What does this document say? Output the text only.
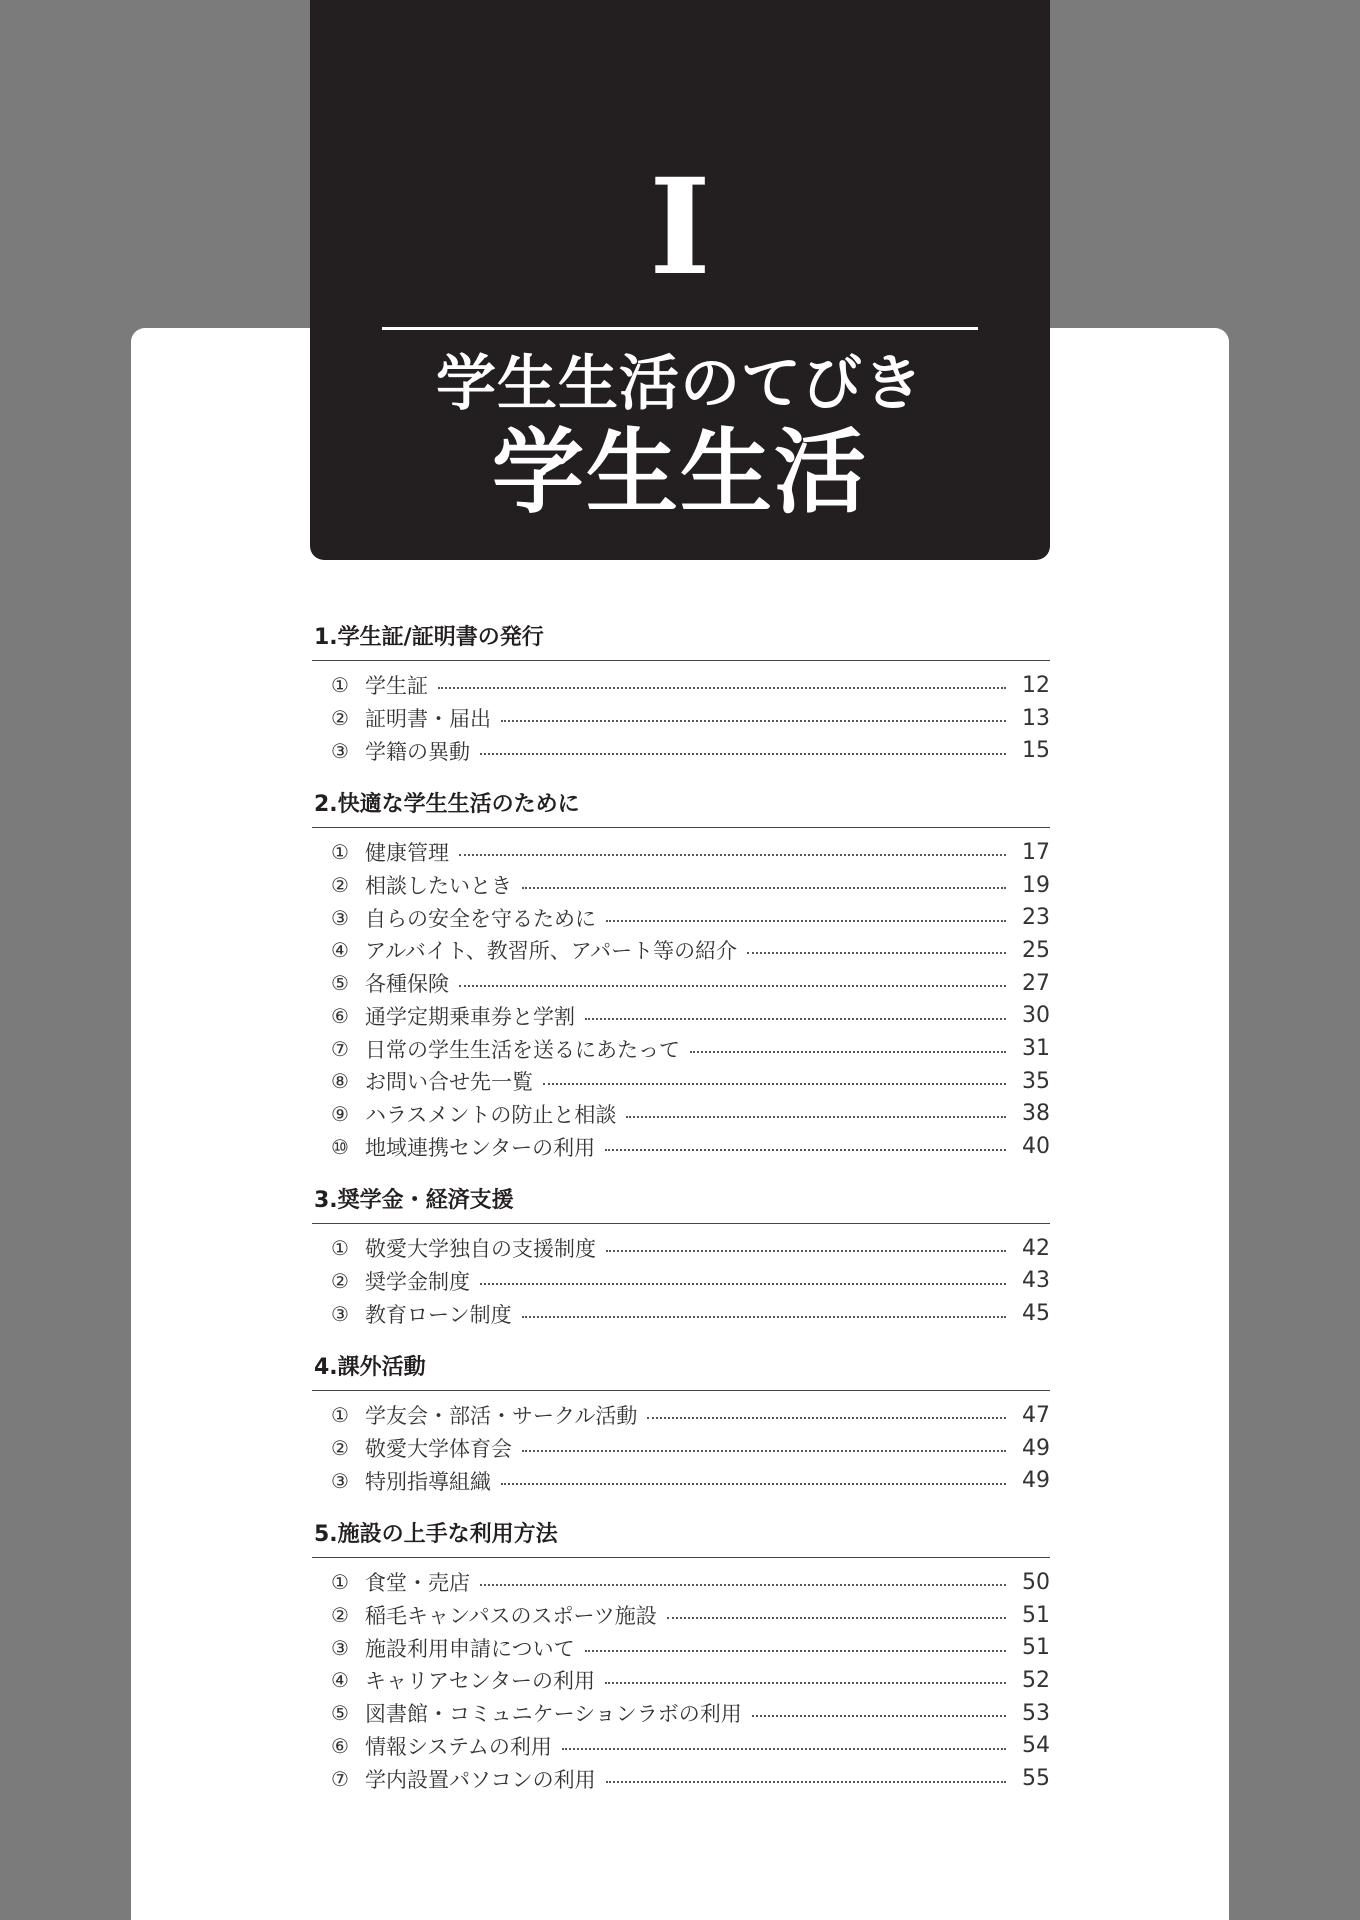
I
学生生活のてびき
学生生活
1.学生証/証明書の発行
① 学生証	12
② 証明書・届出	13
③ 学籍の異動	15
2.快適な学生生活のために
① 健康管理	17
② 相談したいとき	19
③ 自らの安全を守るために	23
④ アルバイト、教習所、アパート等の紹介	25
⑤ 各種保険	27
⑥ 通学定期乗車券と学割	30
⑦ 日常の学生生活を送るにあたって	31
⑧ お問い合せ先一覧	35
⑨ ハラスメントの防止と相談	38
⑩ 地域連携センターの利用	40
3.奨学金・経済支援
① 敬愛大学独自の支援制度	42
② 奨学金制度	43
③ 教育ローン制度	45
4.課外活動
① 学友会・部活・サークル活動	47
② 敬愛大学体育会	49
③ 特別指導組織	49
5.施設の上手な利用方法
① 食堂・売店	50
② 稲毛キャンパスのスポーツ施設	51
③ 施設利用申請について	51
④ キャリアセンターの利用	52
⑤ 図書館・コミュニケーションラボの利用	53
⑥ 情報システムの利用	54
⑦ 学内設置パソコンの利用	55
